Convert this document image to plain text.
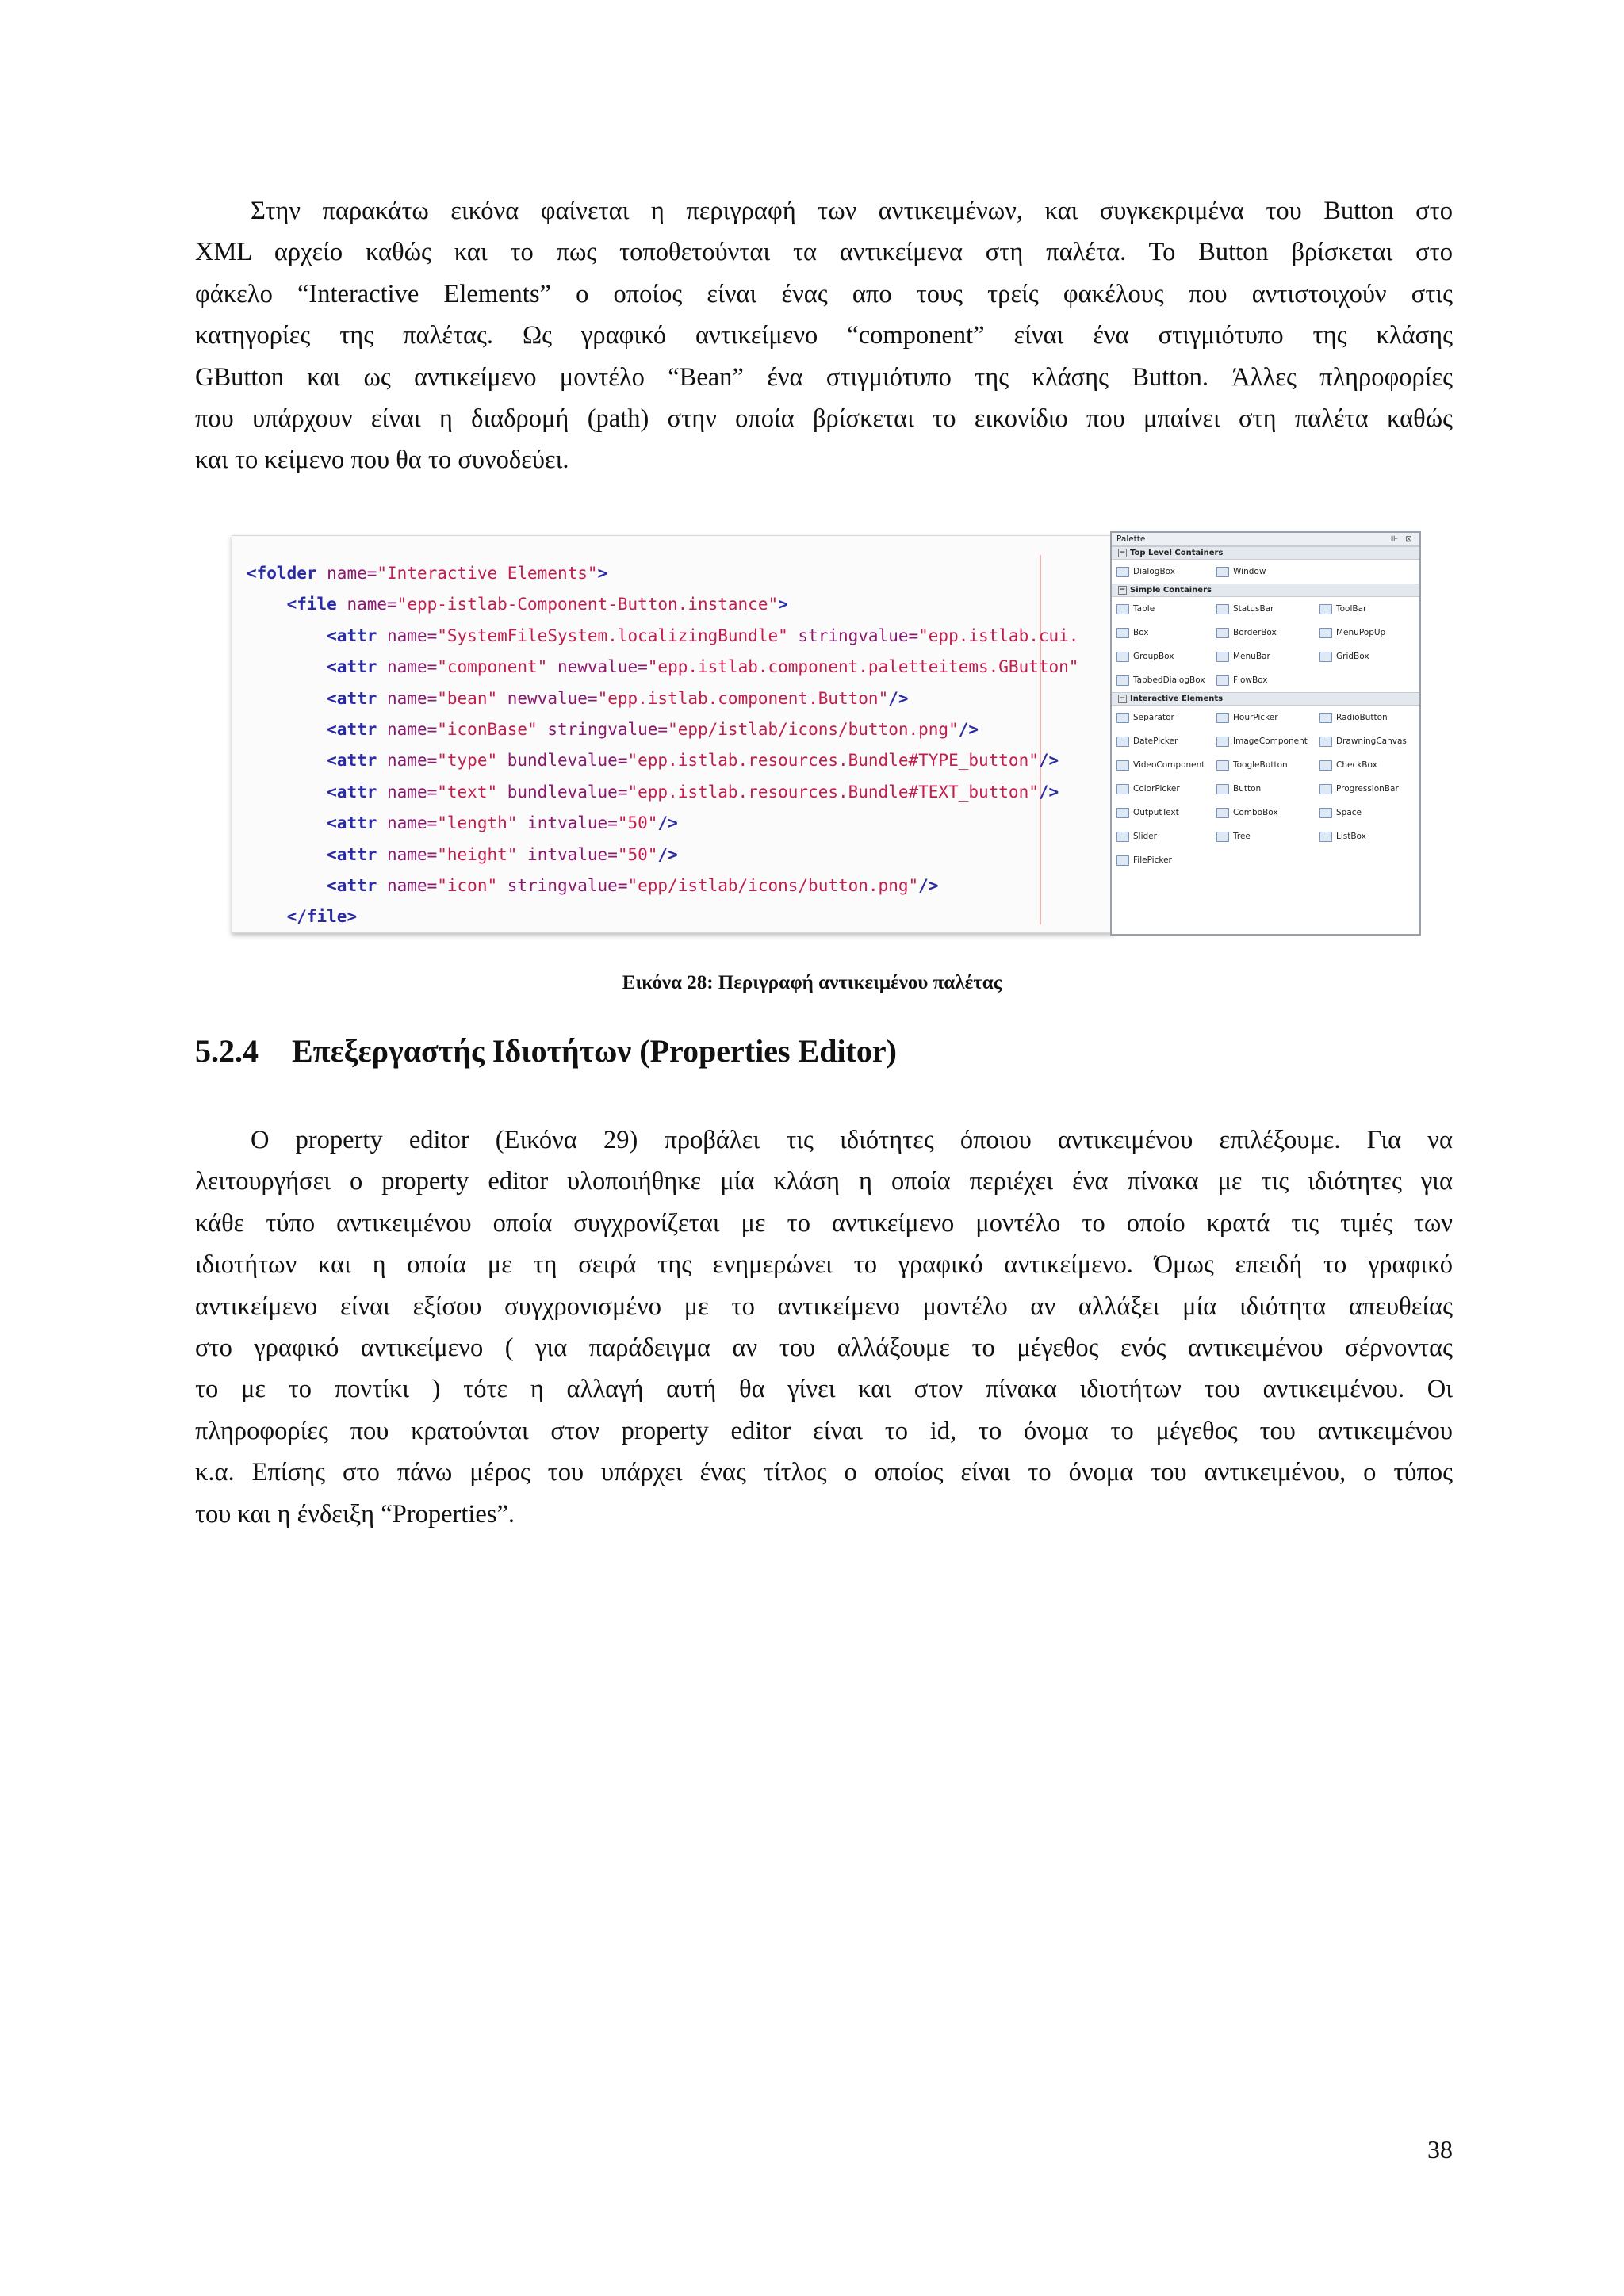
Στην παρακάτω εικόνα φαίνεται η περιγραφή των αντικειμένων, και συγκεκριμένα του Button στο
XML αρχείο καθώς και το πως τοποθετούνται τα αντικείμενα στη παλέτα. Το Button βρίσκεται στο
φάκελο “Interactive Elements” ο οποίος είναι ένας απο τους τρείς φακέλους που αντιστοιχούν στις
κατηγορίες της παλέτας. Ως γραφικό αντικείμενο “component” είναι ένα στιγμιότυπο της κλάσης
GButton και ως αντικείμενο μοντέλο “Bean” ένα στιγμιότυπο της κλάσης Button. Άλλες πληροφορίες
που υπάρχουν είναι η διαδρομή (path) στην οποία βρίσκεται το εικονίδιο που μπαίνει στη παλέτα καθώς
και το κείμενο που θα το συνοδεύει.
<folder name="Interactive Elements">
<file name="epp-istlab-Component-Button.instance">
<attr name="SystemFileSystem.localizingBundle" stringvalue="epp.istlab.cui.
<attr name="component" newvalue="epp.istlab.component.paletteitems.GButton"
<attr name="bean" newvalue="epp.istlab.component.Button"/>
<attr name="iconBase" stringvalue="epp/istlab/icons/button.png"/>
<attr name="type" bundlevalue="epp.istlab.resources.Bundle#TYPE_button"/>
<attr name="text" bundlevalue="epp.istlab.resources.Bundle#TEXT_button"/>
<attr name="length" intvalue="50"/>
<attr name="height" intvalue="50"/>
<attr name="icon" stringvalue="epp/istlab/icons/button.png"/>
</file>
Palette	⊪ ⊠
− Top Level Containers
DialogBox	Window
− Simple Containers
Table	StatusBar	ToolBar
Box	BorderBox	MenuPopUp
GroupBox	MenuBar	GridBox
TabbedDialogBox	FlowBox
− Interactive Elements
Separator	HourPicker	RadioButton
DatePicker	ImageComponent	DrawningCanvas
VideoComponent	ToogleButton	CheckBox
ColorPicker	Button	ProgressionBar
OutputText	ComboBox	Space
Slider	Tree	ListBox
FilePicker

Εικόνα 28: Περιγραφή αντικειμένου παλέτας

5.2.4 Επεξεργαστής Ιδιοτήτων (Properties Editor)
Ο property editor (Εικόνα 29) προβάλει τις ιδιότητες όποιου αντικειμένου επιλέξουμε. Για να
λειτουργήσει ο property editor υλοποιήθηκε μία κλάση η οποία περιέχει ένα πίνακα με τις ιδιότητες για
κάθε τύπο αντικειμένου οποία συγχρονίζεται με το αντικείμενο μοντέλο το οποίο κρατά τις τιμές των
ιδιοτήτων και η οποία με τη σειρά της ενημερώνει το γραφικό αντικείμενο. Όμως επειδή το γραφικό
αντικείμενο είναι εξίσου συγχρονισμένο με το αντικείμενο μοντέλο αν αλλάξει μία ιδιότητα απευθείας
στο γραφικό αντικείμενο ( για παράδειγμα αν του αλλάξουμε το μέγεθος ενός αντικειμένου σέρνοντας
το με το ποντίκι ) τότε η αλλαγή αυτή θα γίνει και στον πίνακα ιδιοτήτων του αντικειμένου. Οι
πληροφορίες που κρατούνται στον property editor είναι το id, το όνομα το μέγεθος του αντικειμένου
κ.α. Επίσης στο πάνω μέρος του υπάρχει ένας τίτλος ο οποίος είναι το όνομα του αντικειμένου, ο τύπος
του και η ένδειξη “Properties”.

38
